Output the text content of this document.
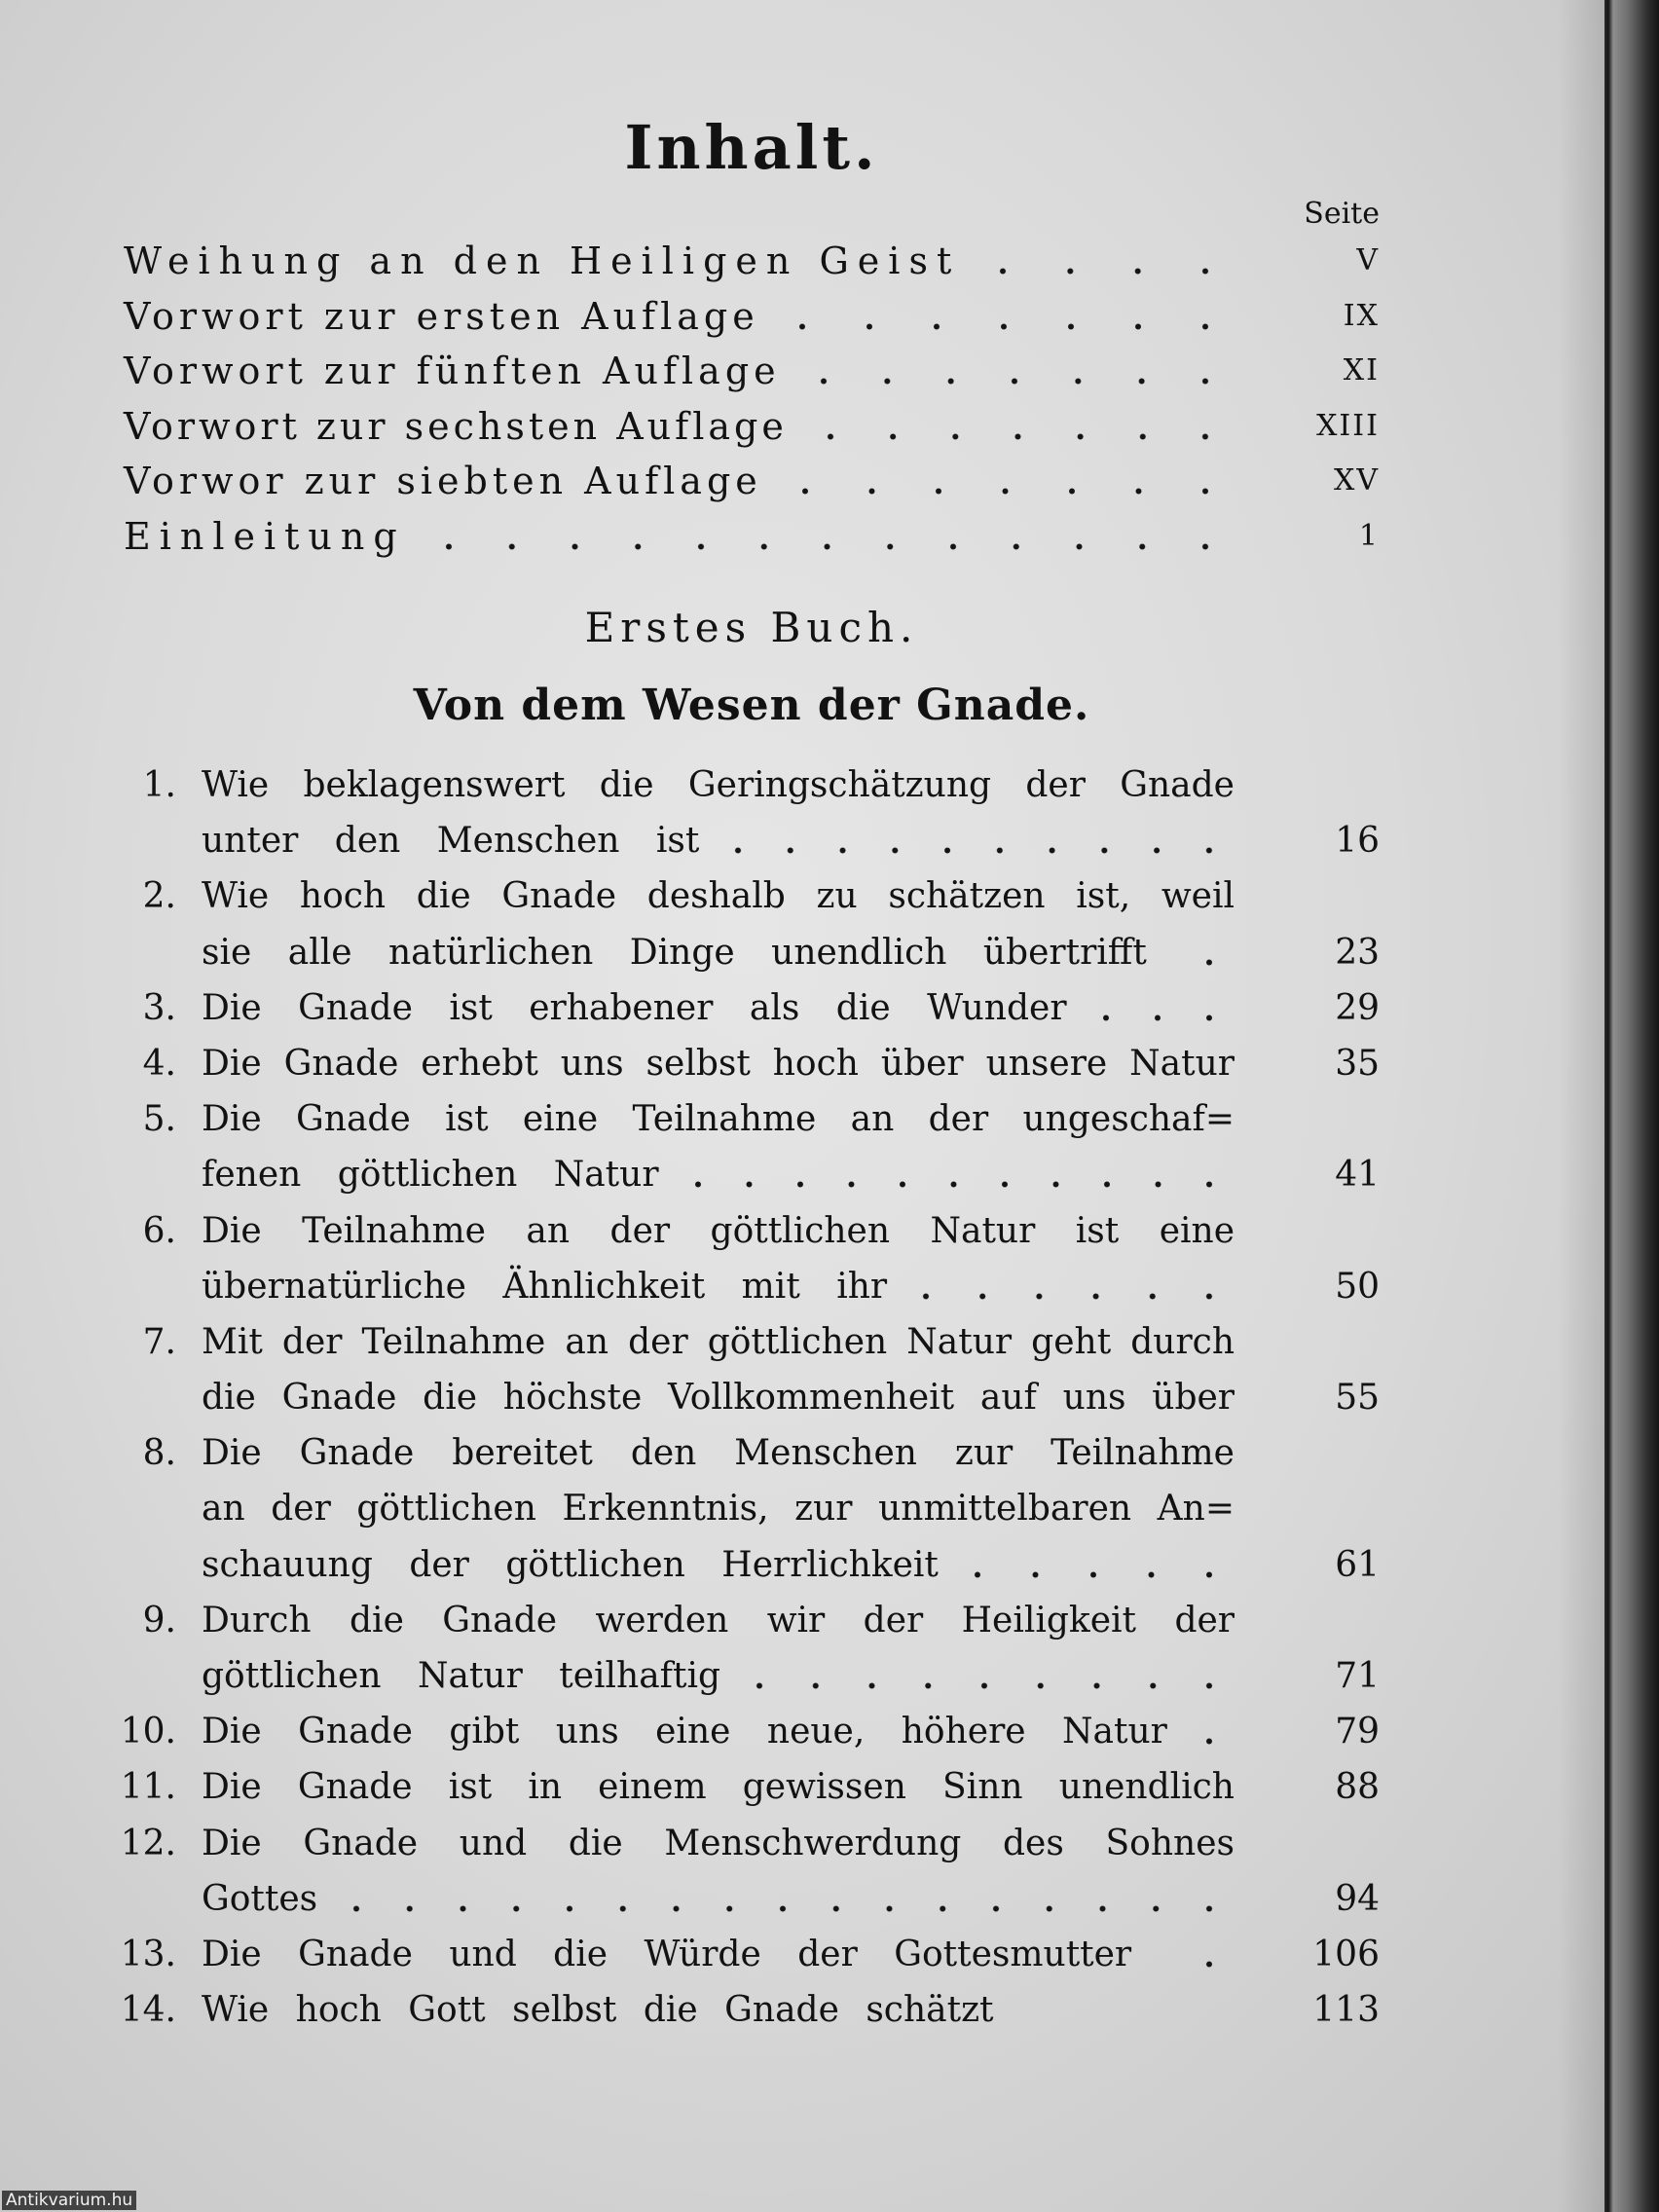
Inhalt.
Seite
Weihung an den Heiligen Geist	V
Vorwort zur ersten Auflage	IX
Vorwort zur fünften Auflage	XI
Vorwort zur sechsten Auflage	XIII
Vorwor zur siebten Auflage	XV
Einleitung	1
Erstes Buch.
Von dem Wesen der Gnade.
1. Wie beklagenswert die Geringschätzung der Gnade
unter den Menschen ist	16
2. Wie hoch die Gnade deshalb zu schätzen ist, weil
sie alle natürlichen Dinge unendlich übertrifft	23
3. Die Gnade ist erhabener als die Wunder	29
4. Die Gnade erhebt uns selbst hoch über unsere Natur	35
5. Die Gnade ist eine Teilnahme an der ungeschaf=
fenen göttlichen Natur	41
6. Die Teilnahme an der göttlichen Natur ist eine
übernatürliche Ähnlichkeit mit ihr	50
7. Mit der Teilnahme an der göttlichen Natur geht durch
die Gnade die höchste Vollkommenheit auf uns über	55
8. Die Gnade bereitet den Menschen zur Teilnahme
an der göttlichen Erkenntnis, zur unmittelbaren An=
schauung der göttlichen Herrlichkeit	61
9. Durch die Gnade werden wir der Heiligkeit der
göttlichen Natur teilhaftig	71
10. Die Gnade gibt uns eine neue, höhere Natur	79
11. Die Gnade ist in einem gewissen Sinn unendlich	88
12. Die Gnade und die Menschwerdung des Sohnes
Gottes	94
13. Die Gnade und die Würde der Gottesmutter	106
14. Wie hoch Gott selbst die Gnade schätzt	113
Antikvarium.hu
